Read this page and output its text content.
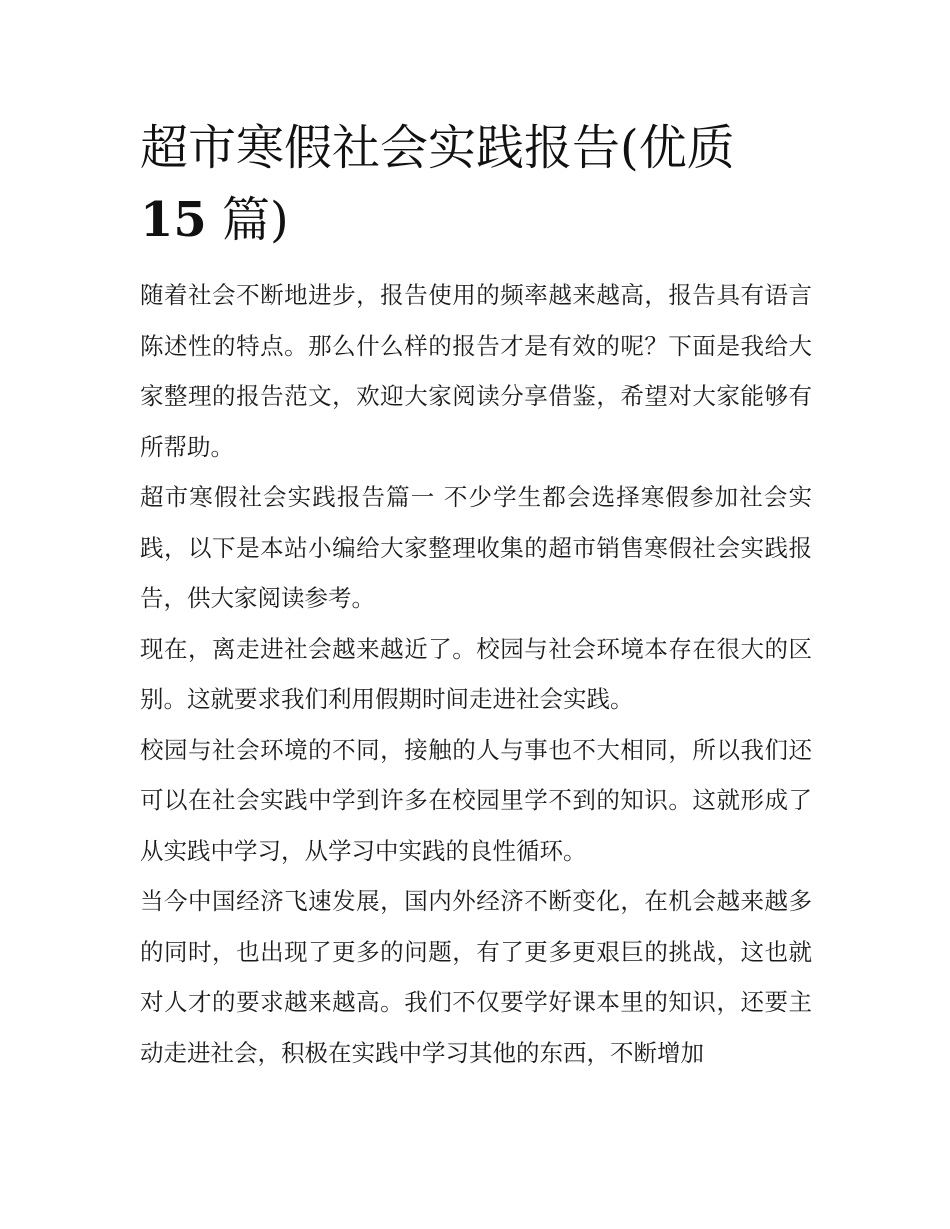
超市寒假社会实践报告(优质
15 篇)

随着社会不断地进步，报告使用的频率越来越高，报告具有语言陈述性的特点。那么什么样的报告才是有效的呢？下面是我给大家整理的报告范文，欢迎大家阅读分享借鉴，希望对大家能够有所帮助。

超市寒假社会实践报告篇一 不少学生都会选择寒假参加社会实践，以下是本站小编给大家整理收集的超市销售寒假社会实践报告，供大家阅读参考。

现在，离走进社会越来越近了。校园与社会环境本存在很大的区别。这就要求我们利用假期时间走进社会实践。

校园与社会环境的不同，接触的人与事也不大相同，所以我们还可以在社会实践中学到许多在校园里学不到的知识。这就形成了从实践中学习，从学习中实践的良性循环。

当今中国经济飞速发展，国内外经济不断变化，在机会越来越多的同时，也出现了更多的问题，有了更多更艰巨的挑战，这也就对人才的要求越来越高。我们不仅要学好课本里的知识，还要主动走进社会，积极在实践中学习其他的东西，不断增加
